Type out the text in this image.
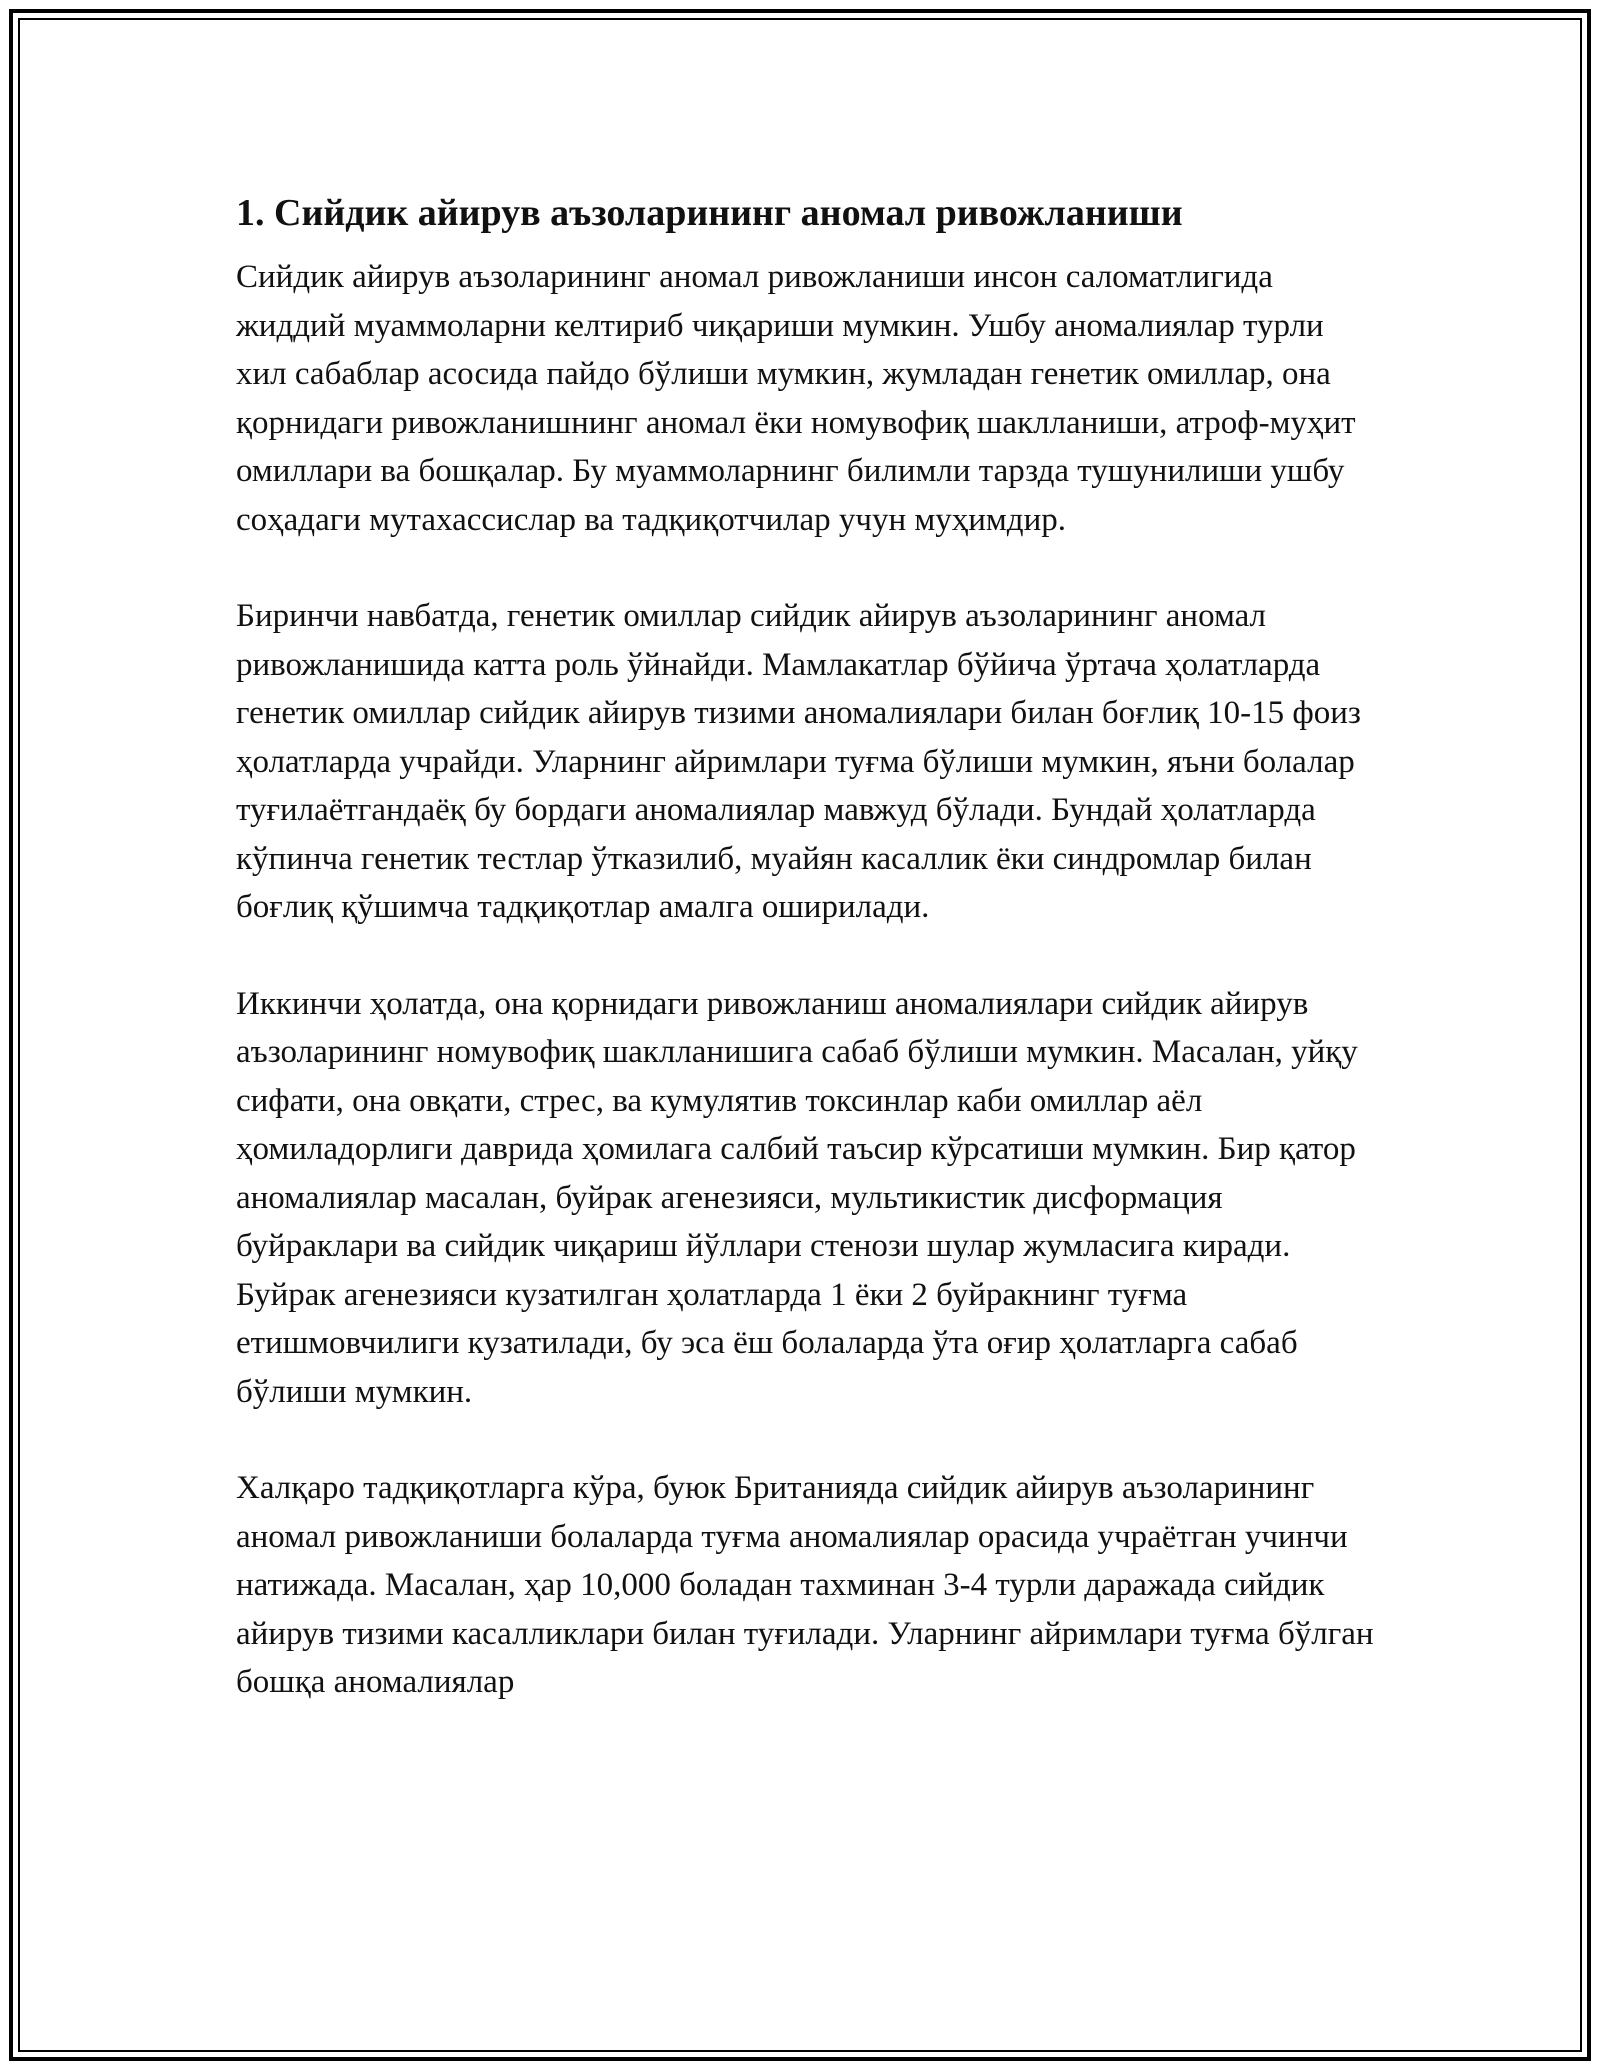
1. Сийдик айирув аъзоларининг аномал ривожланиши

Сийдик айирув аъзоларининг аномал ривожланиши инсон саломатлигида жиддий муаммоларни келтириб чиқариши мумкин. Ушбу аномалиялар турли хил сабаблар асосида пайдо бўлиши мумкин, жумладан генетик омиллар, она қорнидаги ривожланишнинг аномал ёки номувофиқ шаклланиши, атроф-муҳит омиллари ва бошқалар. Бу муаммоларнинг билимли тарзда тушунилиши ушбу соҳадаги мутахассислар ва тадқиқотчилар учун муҳимдир.

Биринчи навбатда, генетик омиллар сийдик айирув аъзоларининг аномал ривожланишида катта роль ўйнайди. Мамлакатлар бўйича ўртача ҳолатларда генетик омиллар сийдик айирув тизими аномалиялари билан боғлиқ 10-15 фоиз ҳолатларда учрайди. Уларнинг айримлари туғма бўлиши мумкин, яъни болалар туғилаётгандаёқ бу бордаги аномалиялар мавжуд бўлади. Бундай ҳолатларда кўпинча генетик тестлар ўтказилиб, муайян касаллик ёки синдромлар билан боғлиқ қўшимча тадқиқотлар амалга оширилади.

Иккинчи ҳолатда, она қорнидаги ривожланиш аномалиялари сийдик айирув аъзоларининг номувофиқ шаклланишига сабаб бўлиши мумкин. Масалан, уйқу сифати, она овқати, стрес, ва кумулятив токсинлар каби омиллар аёл ҳомиладорлиги даврида ҳомилага салбий таъсир кўрсатиши мумкин. Бир қатор аномалиялар масалан, буйрак агенезияси, мультикистик дисформация буйраклари ва сийдик чиқариш йўллари стенози шулар жумласига киради. Буйрак агенезияси кузатилган ҳолатларда 1 ёки 2 буйракнинг туғма етишмовчилиги кузатилади, бу эса ёш болаларда ўта оғир ҳолатларга сабаб бўлиши мумкин.

Халқаро тадқиқотларга кўра, буюк Британияда сийдик айирув аъзоларининг аномал ривожланиши болаларда туғма аномалиялар орасида учраётган учинчи натижада. Масалан, ҳар 10,000 боладан тахминан 3-4 турли даражада сийдик айирув тизими касалликлари билан туғилади. Уларнинг айримлари туғма бўлган бошқа аномалиялар
